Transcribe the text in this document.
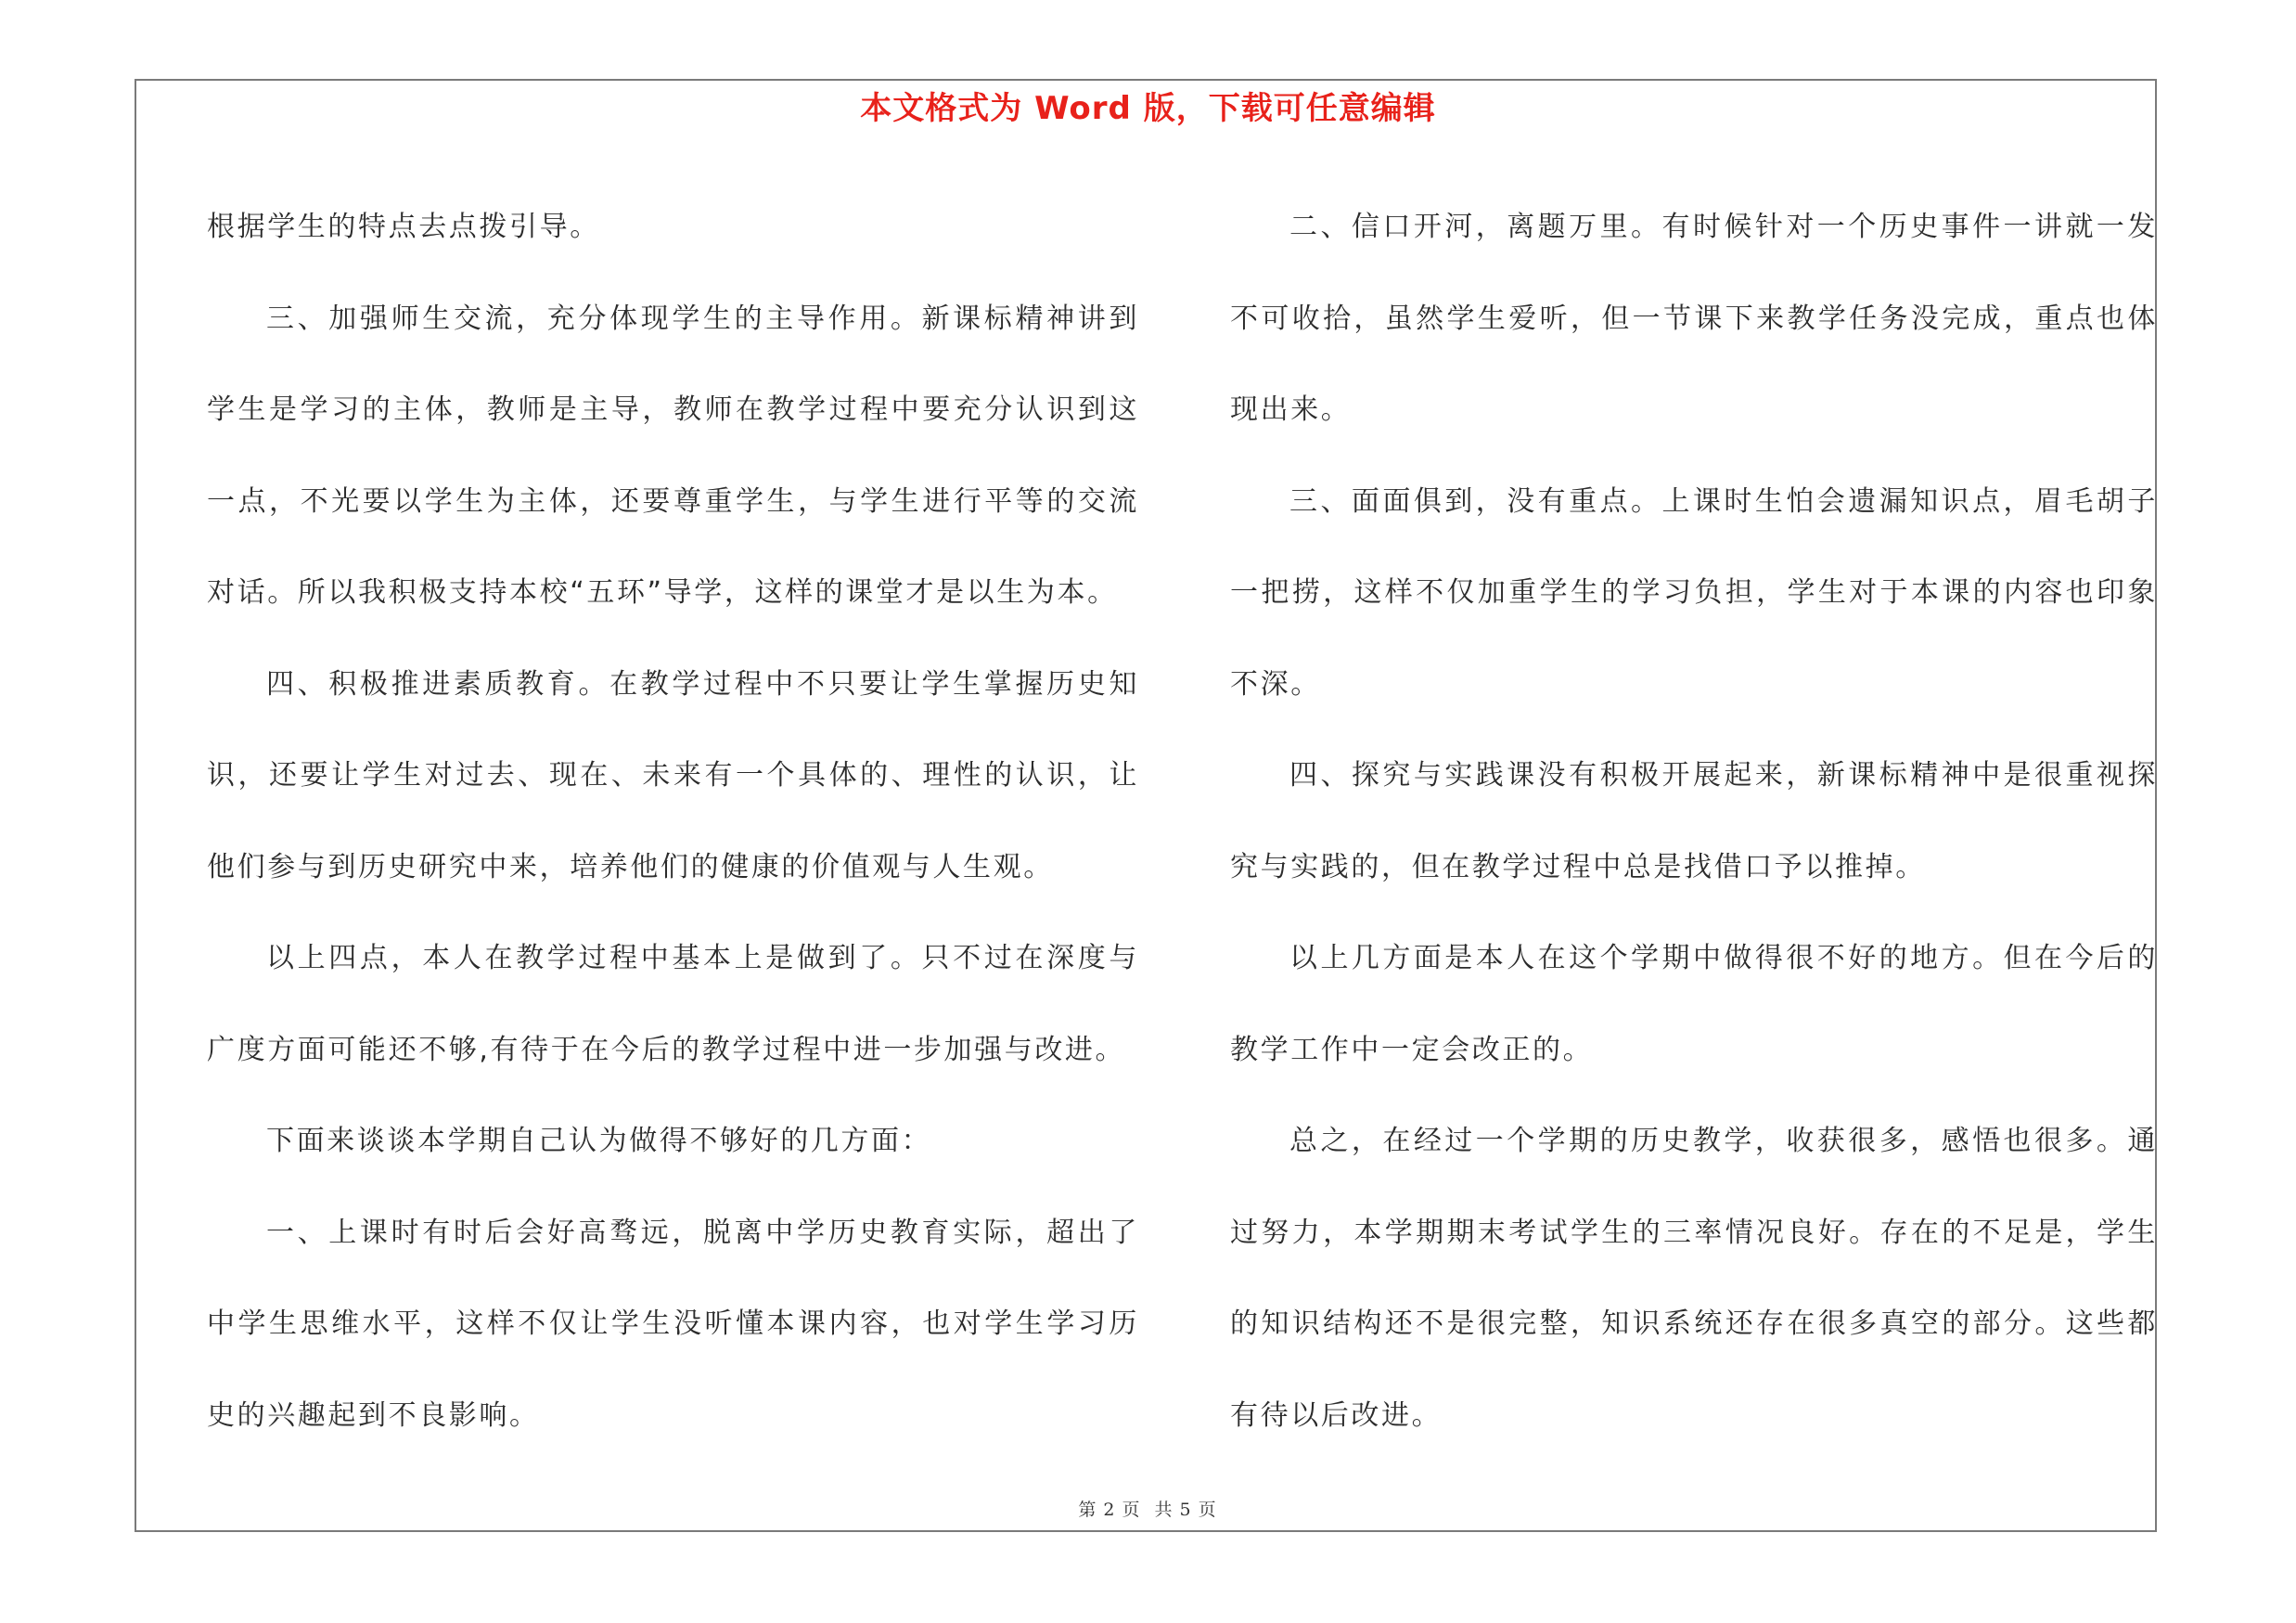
本文格式为 Word 版，下载可任意编辑

根据学生的特点去点拨引导。

三、加强师生交流，充分体现学生的主导作用。新课标精神讲到学生是学习的主体，教师是主导，教师在教学过程中要充分认识到这一点，不光要以学生为主体，还要尊重学生，与学生进行平等的交流对话。所以我积极支持本校“五环”导学，这样的课堂才是以生为本。

四、积极推进素质教育。在教学过程中不只要让学生掌握历史知识，还要让学生对过去、现在、未来有一个具体的、理性的认识，让他们参与到历史研究中来，培养他们的健康的价值观与人生观。

以上四点，本人在教学过程中基本上是做到了。只不过在深度与广度方面可能还不够,有待于在今后的教学过程中进一步加强与改进。

下面来谈谈本学期自己认为做得不够好的几方面：

一、上课时有时后会好高骛远，脱离中学历史教育实际，超出了中学生思维水平，这样不仅让学生没听懂本课内容，也对学生学习历史的兴趣起到不良影响。

二、信口开河，离题万里。有时候针对一个历史事件一讲就一发不可收拾，虽然学生爱听，但一节课下来教学任务没完成，重点也体现出来。

三、面面俱到，没有重点。上课时生怕会遗漏知识点，眉毛胡子一把捞，这样不仅加重学生的学习负担，学生对于本课的内容也印象不深。

四、探究与实践课没有积极开展起来，新课标精神中是很重视探究与实践的，但在教学过程中总是找借口予以推掉。

以上几方面是本人在这个学期中做得很不好的地方。但在今后的教学工作中一定会改正的。

总之，在经过一个学期的历史教学，收获很多，感悟也很多。通过努力，本学期期末考试学生的三率情况良好。存在的不足是，学生的知识结构还不是很完整，知识系统还存在很多真空的部分。这些都有待以后改进。

第 2 页 共 5 页
